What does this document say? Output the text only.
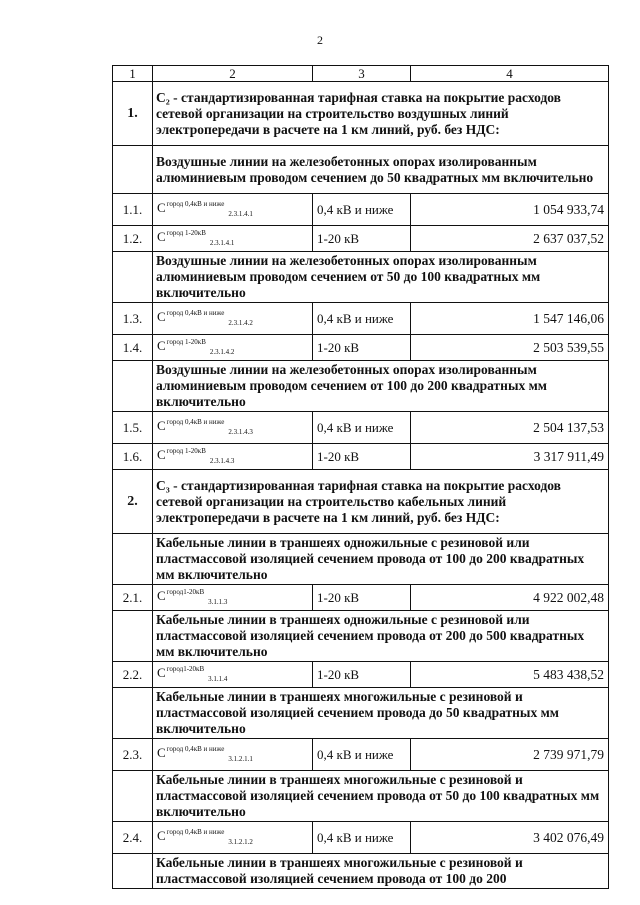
2
1	2	3	4
1.	С₂ - стандартизированная тарифная ставка на покрытие расходов сетевой организации на строительство воздушных линий электропередачи в расчете на 1 км линий, руб. без НДС:		
	Воздушные линии на железобетонных опорах изолированным алюминиевым проводом сечением до 50 квадратных мм включительно		
1.1.	$С^{город 0,4кВ и ниже}_{2.3.1.4.1}$	0,4 кВ и ниже	1 054 933,74
1.2.	$С^{город 1-20кВ}_{2.3.1.4.1}$	1-20 кВ	2 637 037,52
	Воздушные линии на железобетонных опорах изолированным алюминиевым проводом сечением от 50 до 100 квадратных мм включительно		
1.3.	$С^{город 0,4кВ и ниже}_{2.3.1.4.2}$	0,4 кВ и ниже	1 547 146,06
1.4.	$С^{город 1-20кВ}_{2.3.1.4.2}$	1-20 кВ	2 503 539,55
	Воздушные линии на железобетонных опорах изолированным алюминиевым проводом сечением от 100 до 200 квадратных мм включительно		
1.5.	$С^{город 0,4кВ и ниже}_{2.3.1.4.3}$	0,4 кВ и ниже	2 504 137,53
1.6.	$С^{город 1-20кВ}_{2.3.1.4.3}$	1-20 кВ	3 317 911,49
2.	С₃ - стандартизированная тарифная ставка на покрытие расходов сетевой организации на строительство кабельных линий электропередачи в расчете на 1 км линий, руб. без НДС:		
	Кабельные линии в траншеях одножильные с резиновой или пластмассовой изоляцией сечением провода от 100 до 200 квадратных мм включительно		
2.1.	$С^{город1-20кВ}_{3.1.1.3}$	1-20 кВ	4 922 002,48
	Кабельные линии в траншеях одножильные с резиновой или пластмассовой изоляцией сечением провода от 200 до 500 квадратных мм включительно		
2.2.	$С^{город1-20кВ}_{3.1.1.4}$	1-20 кВ	5 483 438,52
	Кабельные линии в траншеях многожильные с резиновой и пластмассовой изоляцией сечением провода до 50 квадратных мм включительно		
2.3.	$С^{город 0,4кВ и ниже}_{3.1.2.1.1}$	0,4 кВ и ниже	2 739 971,79
	Кабельные линии в траншеях многожильные с резиновой и пластмассовой изоляцией сечением провода от 50 до 100 квадратных мм включительно		
2.4.	$С^{город 0,4кВ и ниже}_{3.1.2.1.2}$	0,4 кВ и ниже	3 402 076,49
	Кабельные линии в траншеях многожильные с резиновой и пластмассовой изоляцией сечением провода от 100 до 200		
